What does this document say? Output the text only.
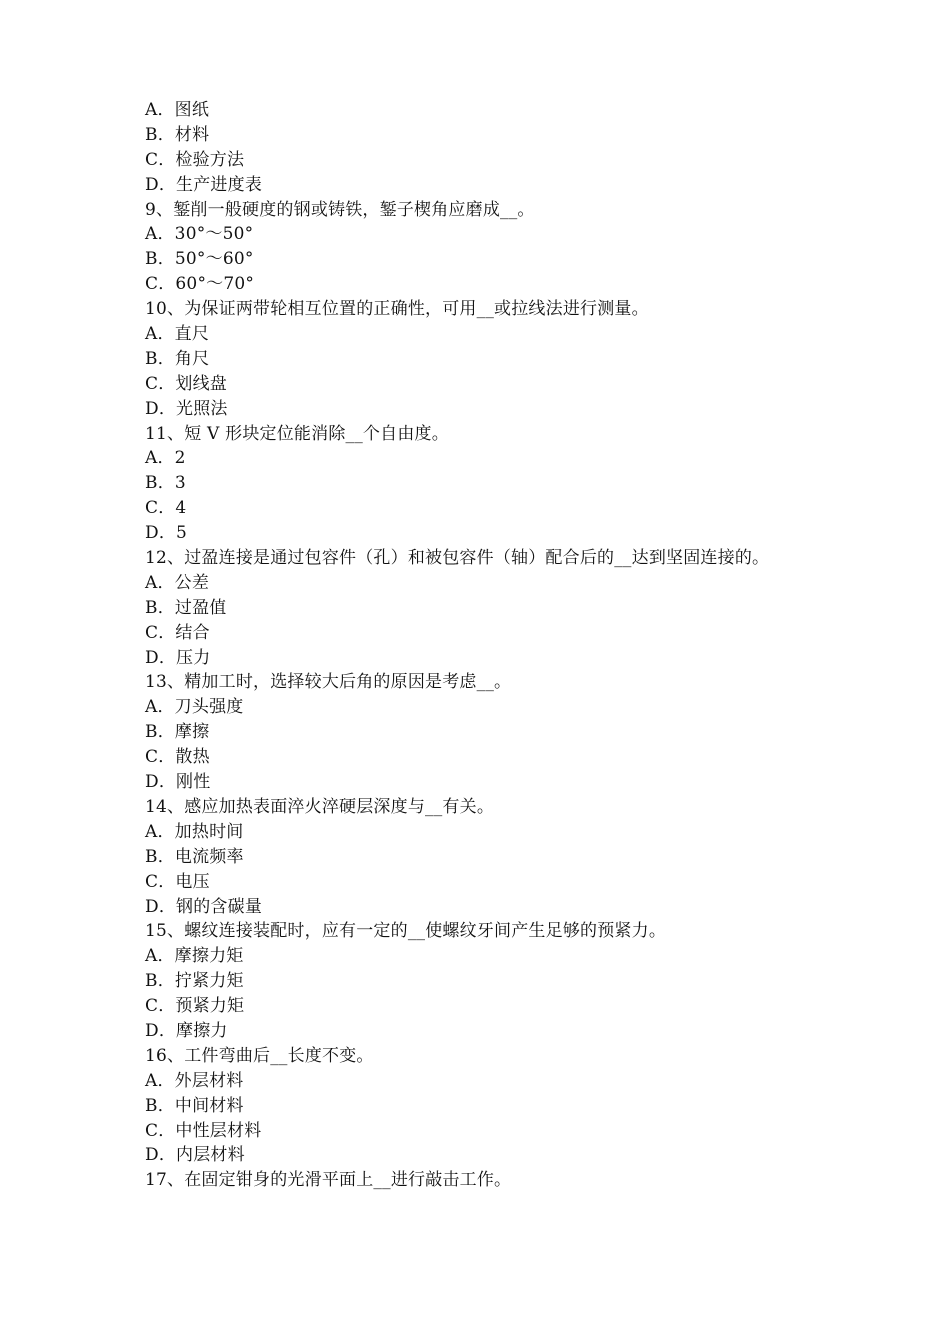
A．图纸
B．材料
C．检验方法
D．生产进度表
9、錾削一般硬度的钢或铸铁，錾子楔角应磨成__。
A．30°～50°
B．50°～60°
C．60°～70°
10、为保证两带轮相互位置的正确性，可用__或拉线法进行测量。
A．直尺
B．角尺
C．划线盘
D．光照法
11、短 V 形块定位能消除__个自由度。
A．2
B．3
C．4
D．5
12、过盈连接是通过包容件（孔）和被包容件（轴）配合后的__达到坚固连接的。
A．公差
B．过盈值
C．结合
D．压力
13、精加工时，选择较大后角的原因是考虑__。
A．刀头强度
B．摩擦
C．散热
D．刚性
14、感应加热表面淬火淬硬层深度与__有关。
A．加热时间
B．电流频率
C．电压
D．钢的含碳量
15、螺纹连接装配时，应有一定的__使螺纹牙间产生足够的预紧力。
A．摩擦力矩
B．拧紧力矩
C．预紧力矩
D．摩擦力
16、工件弯曲后__长度不变。
A．外层材料
B．中间材料
C．中性层材料
D．内层材料
17、在固定钳身的光滑平面上__进行敲击工作。
